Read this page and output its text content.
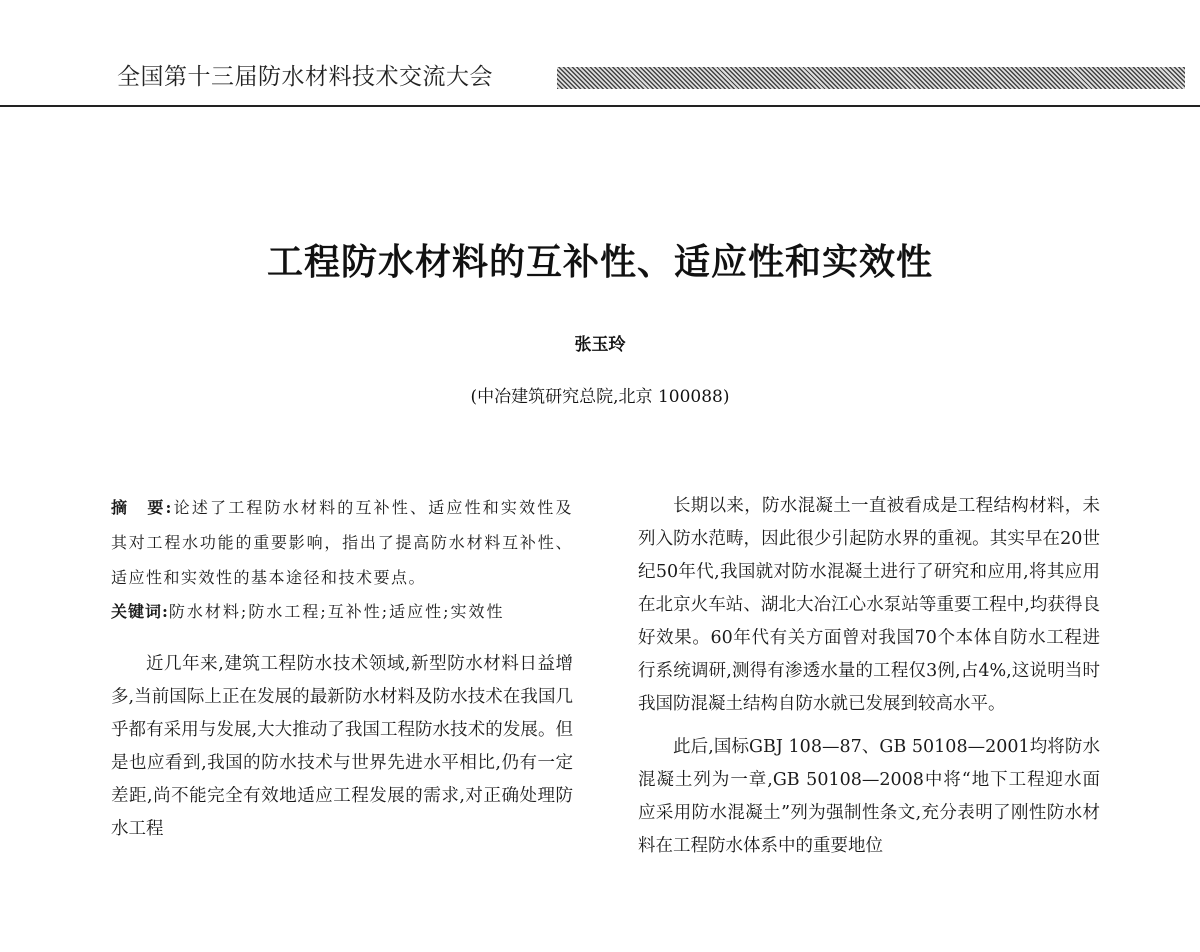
全国第十三届防水材料技术交流大会
工程防水材料的互补性、适应性和实效性
张玉玲
(中冶建筑研究总院,北京 100088)
摘　要:论述了工程防水材料的互补性、适应性和实效性及其对工程水功能的重要影响，指出了提高防水材料互补性、适应性和实效性的基本途径和技术要点。
关键词:防水材料;防水工程;互补性;适应性;实效性

近几年来,建筑工程防水技术领域,新型防水材料日益增多,当前国际上正在发展的最新防水材料及防水技术在我国几乎都有采用与发展,大大推动了我国工程防水技术的发展。但是也应看到,我国的防水技术与世界先进水平相比,仍有一定差距,尚不能完全有效地适应工程发展的需求,对正确处理防水工程

长期以来，防水混凝土一直被看成是工程结构材料，未列入防水范畴，因此很少引起防水界的重视。其实早在20世纪50年代,我国就对防水混凝土进行了研究和应用,将其应用在北京火车站、湖北大冶江心水泵站等重要工程中,均获得良好效果。60年代有关方面曾对我国70个本体自防水工程进行系统调研,测得有渗透水量的工程仅3例,占4%,这说明当时我国防混凝土结构自防水就已发展到较高水平。

此后,国标GBJ 108—87、GB 50108—2001均将防水混凝土列为一章,GB 50108—2008中将“地下工程迎水面应采用防水混凝土”列为强制性条文,充分表明了刚性防水材料在工程防水体系中的重要地位
